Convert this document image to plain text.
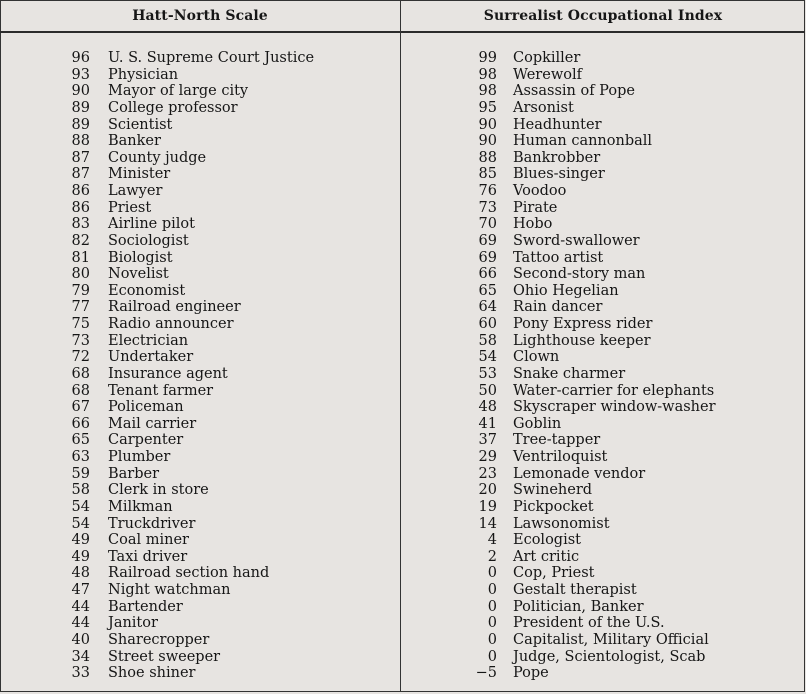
Hatt-North Scale	Surrealist Occupational Index
96 U. S. Supreme Court Justice
93 Physician
90 Mayor of large city
89 College professor
89 Scientist
88 Banker
87 County judge
87 Minister
86 Lawyer
86 Priest
83 Airline pilot
82 Sociologist
81 Biologist
80 Novelist
79 Economist
77 Railroad engineer
75 Radio announcer
73 Electrician
72 Undertaker
68 Insurance agent
68 Tenant farmer
67 Policeman
66 Mail carrier
65 Carpenter
63 Plumber
59 Barber
58 Clerk in store
54 Milkman
54 Truckdriver
49 Coal miner
49 Taxi driver
48 Railroad section hand
47 Night watchman
44 Bartender
44 Janitor
40 Sharecropper
34 Street sweeper
33 Shoe shiner
99 Copkiller
98 Werewolf
98 Assassin of Pope
95 Arsonist
90 Headhunter
90 Human cannonball
88 Bankrobber
85 Blues-singer
76 Voodoo
73 Pirate
70 Hobo
69 Sword-swallower
69 Tattoo artist
66 Second-story man
65 Ohio Hegelian
64 Rain dancer
60 Pony Express rider
58 Lighthouse keeper
54 Clown
53 Snake charmer
50 Water-carrier for elephants
48 Skyscraper window-washer
41 Goblin
37 Tree-tapper
29 Ventriloquist
23 Lemonade vendor
20 Swineherd
19 Pickpocket
14 Lawsonomist
4 Ecologist
2 Art critic
0 Cop, Priest
0 Gestalt therapist
0 Politician, Banker
0 President of the U.S.
0 Capitalist, Military Official
0 Judge, Scientologist, Scab
−5 Pope
